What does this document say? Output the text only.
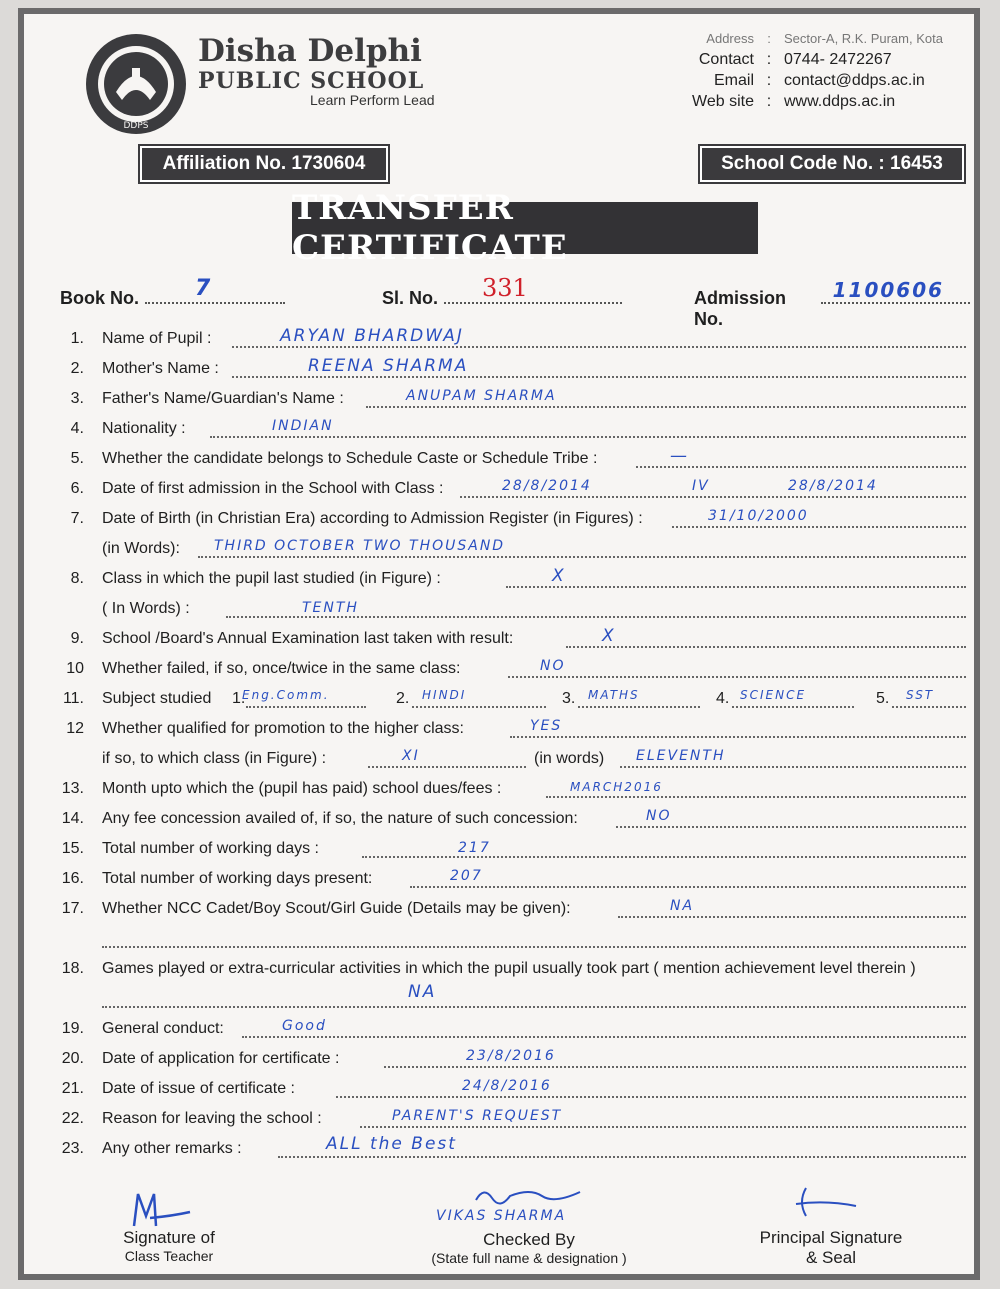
DDPS
Disha Delphi
PUBLIC SCHOOL
Learn Perform Lead
Address	:	Sector-A, R.K. Puram, Kota
Contact : 0744- 2472267
Email : contact@ddps.ac.in
Web site : www.ddps.ac.in
Affiliation No. 1730604	School Code No. : 16453
TRANSFER CERTIFICATE
Book No.	7	Sl. No. 331	Admission No.
1100606
1. Name of Pupil :	ARYAN BHARDWAJ
2. Mother's Name :	REENA SHARMA
3. Father's Name/Guardian's Name :	ANUPAM SHARMA
4. Nationality :	INDIAN
5. Whether the candidate belongs to Schedule Caste or Schedule Tribe :	—
6. Date of first admission in the School with Class :	28/8/2014	IV	28/8/2014
7. Date of Birth (in Christian Era) according to Admission Register (in Figures) :	31/10/2000
(in Words): THIRD OCTOBER TWO THOUSAND
8. Class in which the pupil last studied (in Figure) :	X
( In Words) :	TENTH
9. School /Board's Annual Examination last taken with result:	X
10 Whether failed, if so, once/twice in the same class:	NO
11. Subject studied 1.
Eng.Comm.	2. HINDI	3. MATHS	4. SCIENCE	5. SST
12 Whether qualified for promotion to the higher class:	YES
if so, to which class (in Figure) :	XI	(in words) ELEVENTH
13. Month upto which the (pupil has paid) school dues/fees :	MARCH2016
14. Any fee concession availed of, if so, the nature of such concession:	NO
15. Total number of working days :	217
16. Total number of working days present:	207
17. Whether NCC Cadet/Boy Scout/Girl Guide (Details may be given):	NA
18. Games played or extra-curricular activities in which the pupil usually took part ( mention achievement level therein )
NA
19. General conduct:	Good
20. Date of application for certificate :	23/8/2016
21. Date of issue of certificate :	24/8/2016
22. Reason for leaving the school :	PARENT'S REQUEST
23. Any other remarks :	ALL the Best
Signature of
Class Teacher
VIKAS SHARMA
Checked By
(State full name & designation )
Principal Signature
& Seal
